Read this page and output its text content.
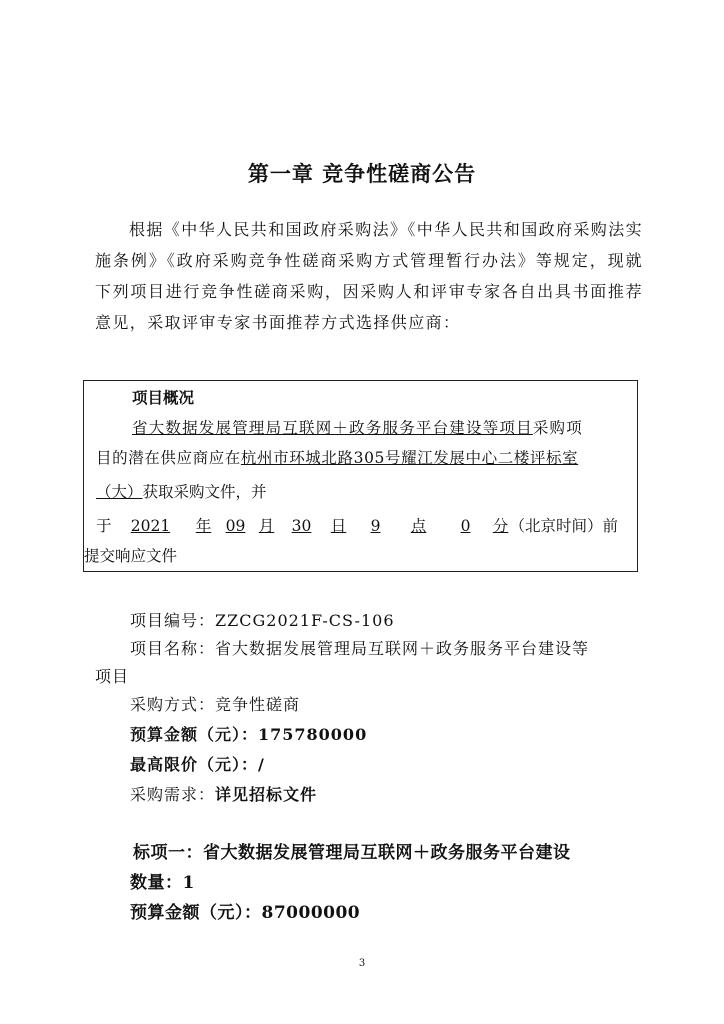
第一章 竞争性磋商公告

根据《中华人民共和国政府采购法》《中华人民共和国政府采购法实施条例》《政府采购竞争性磋商采购方式管理暂行办法》等规定，现就下列项目进行竞争性磋商采购，因采购人和评审专家各自出具书面推荐意见，采取评审专家书面推荐方式选择供应商：

项目概况
省大数据发展管理局互联网＋政务服务平台建设等项目采购项
目的潜在供应商应在杭州市环城北路305号耀江发展中心二楼评标室
（大）获取采购文件，并
于 2021 年 09 月 30 日 9 点 0 分（北京时间）前
提交响应文件
项目编号：ZZCG2021F-CS-106
项目名称：省大数据发展管理局互联网＋政务服务平台建设等
项目
采购方式：竞争性磋商
预算金额（元）：175780000
最高限价（元）：/
采购需求：详见招标文件
标项一：省大数据发展管理局互联网＋政务服务平台建设
数量：1
预算金额（元）：87000000
3
